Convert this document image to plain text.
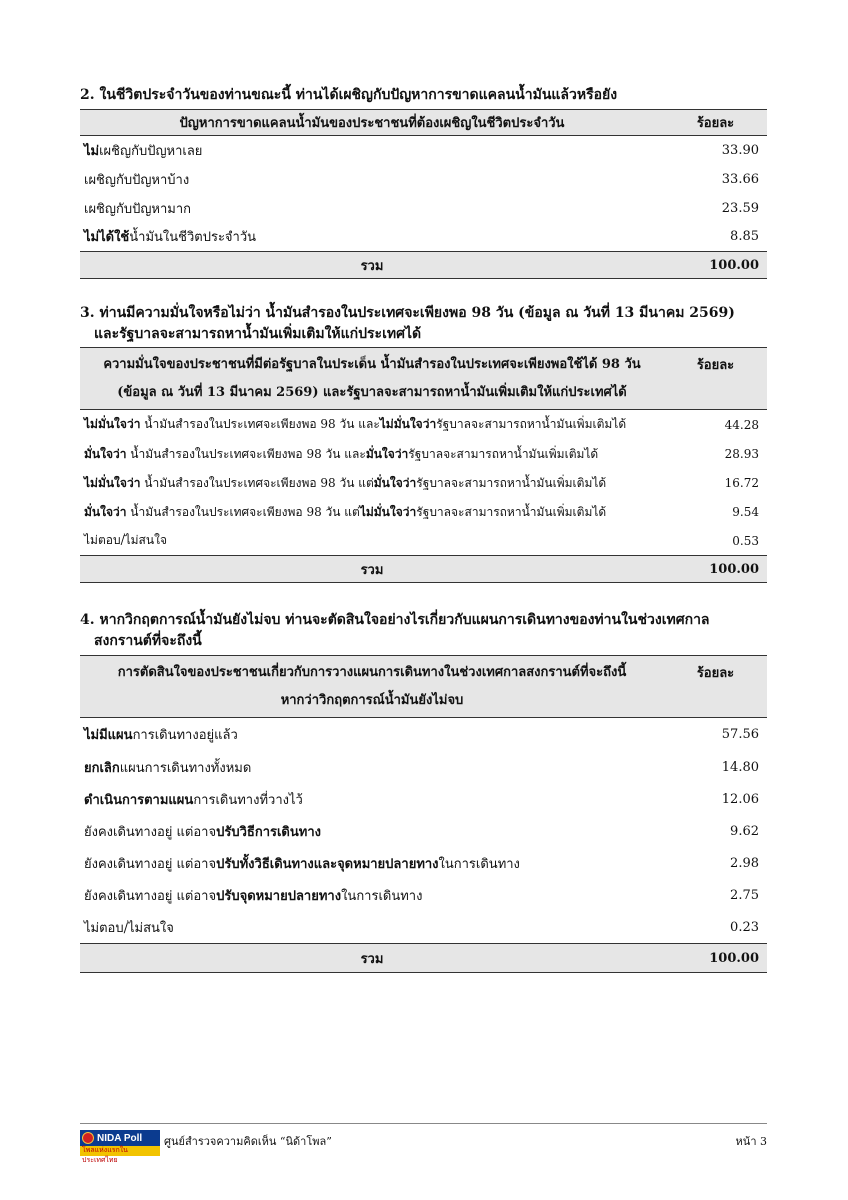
2. ในชีวิตประจำวันของท่านขณะนี้ ท่านได้เผชิญกับปัญหาการขาดแคลนน้ำมันแล้วหรือยัง
ปัญหาการขาดแคลนน้ำมันของประชาชนที่ต้องเผชิญในชีวิตประจำวัน	ร้อยละ
ไม่เผชิญกับปัญหาเลย	33.90
เผชิญกับปัญหาบ้าง	33.66
เผชิญกับปัญหามาก	23.59
ไม่ได้ใช้น้ำมันในชีวิตประจำวัน	8.85
รวม	100.00
3. ท่านมีความมั่นใจหรือไม่ว่า น้ำมันสำรองในประเทศจะเพียงพอ 98 วัน (ข้อมูล ณ วันที่ 13 มีนาคม 2569)
และรัฐบาลจะสามารถหาน้ำมันเพิ่มเติมให้แก่ประเทศได้
ความมั่นใจของประชาชนที่มีต่อรัฐบาลในประเด็น น้ำมันสำรองในประเทศจะเพียงพอใช้ได้ 98 วัน
(ข้อมูล ณ วันที่ 13 มีนาคม 2569) และรัฐบาลจะสามารถหาน้ำมันเพิ่มเติมให้แก่ประเทศได้	ร้อยละ
ไม่มั่นใจว่า น้ำมันสำรองในประเทศจะเพียงพอ 98 วัน และไม่มั่นใจว่ารัฐบาลจะสามารถหาน้ำมันเพิ่มเติมได้	44.28
มั่นใจว่า น้ำมันสำรองในประเทศจะเพียงพอ 98 วัน และมั่นใจว่ารัฐบาลจะสามารถหาน้ำมันเพิ่มเติมได้	28.93
ไม่มั่นใจว่า น้ำมันสำรองในประเทศจะเพียงพอ 98 วัน แต่มั่นใจว่ารัฐบาลจะสามารถหาน้ำมันเพิ่มเติมได้	16.72
มั่นใจว่า น้ำมันสำรองในประเทศจะเพียงพอ 98 วัน แต่ไม่มั่นใจว่ารัฐบาลจะสามารถหาน้ำมันเพิ่มเติมได้	9.54
ไม่ตอบ/ไม่สนใจ	0.53
รวม	100.00
4. หากวิกฤตการณ์น้ำมันยังไม่จบ ท่านจะตัดสินใจอย่างไรเกี่ยวกับแผนการเดินทางของท่านในช่วงเทศกาล
สงกรานต์ที่จะถึงนี้
การตัดสินใจของประชาชนเกี่ยวกับการวางแผนการเดินทางในช่วงเทศกาลสงกรานต์ที่จะถึงนี้
หากว่าวิกฤตการณ์น้ำมันยังไม่จบ	ร้อยละ
ไม่มีแผนการเดินทางอยู่แล้ว	57.56
ยกเลิกแผนการเดินทางทั้งหมด	14.80
ดำเนินการตามแผนการเดินทางที่วางไว้	12.06
ยังคงเดินทางอยู่ แต่อาจปรับวิธีการเดินทาง	9.62
ยังคงเดินทางอยู่ แต่อาจปรับทั้งวิธีเดินทางและจุดหมายปลายทางในการเดินทาง	2.98
ยังคงเดินทางอยู่ แต่อาจปรับจุดหมายปลายทางในการเดินทาง	2.75
ไม่ตอบ/ไม่สนใจ	0.23
รวม	100.00
NIDA Poll
โพลแห่งแรกในประเทศไทย
ศูนย์สำรวจความคิดเห็น “นิด้าโพล”	หน้า 3
